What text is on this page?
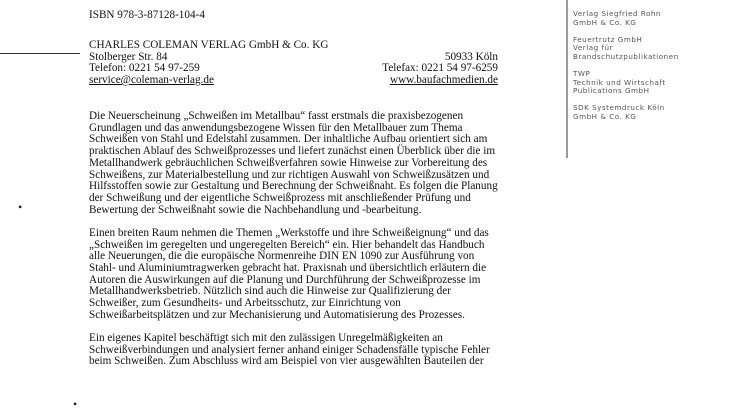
•
•
ISBN 978-3-87128-104-4
CHARLES COLEMAN VERLAG GmbH & Co. KG
Stolberger Str. 84	50933 Köln
Telefon: 0221 54 97-259	Telefax: 0221 54 97-6259
service@coleman-verlag.de	www.baufachmedien.de

Die Neuerscheinung „Schweißen im Metallbau“ fasst erstmals die praxisbezogenen Grundlagen und das anwendungsbezogene Wissen für den Metallbauer zum Thema Schweißen von Stahl und Edelstahl zusammen. Der inhaltliche Aufbau orientiert sich am praktischen Ablauf des Schweißprozesses und liefert zunächst einen Überblick über die im Metallhandwerk gebräuchlichen Schweißverfahren sowie Hinweise zur Vorbereitung des Schweißens, zur Materialbestellung und zur richtigen Auswahl von Schweißzusätzen und Hilfsstoffen sowie zur Gestaltung und Berechnung der Schweißnaht. Es folgen die Planung der Schweißung und der eigentliche Schweißprozess mit anschließender Prüfung und Bewertung der Schweißnaht sowie die Nachbehandlung und -bearbeitung.

Einen breiten Raum nehmen die Themen „Werkstoffe und ihre Schweißeignung“ und das „Schweißen im geregelten und ungeregelten Bereich“ ein. Hier behandelt das Handbuch alle Neuerungen, die die europäische Normenreihe DIN EN 1090 zur Ausführung von Stahl- und Aluminiumtragwerken gebracht hat. Praxisnah und übersichtlich erläutern die Autoren die Auswirkungen auf die Planung und Durchführung der Schweißprozesse im Metallhandwerksbetrieb. Nützlich sind auch die Hinweise zur Qualifizierung der Schweißer, zum Gesundheits- und Arbeitsschutz, zur Einrichtung von Schweißarbeitsplätzen und zur Mechanisierung und Automatisierung des Prozesses.

Ein eigenes Kapitel beschäftigt sich mit den zulässigen Unregelmäßigkeiten an Schweißverbindungen und analysiert ferner anhand einiger Schadensfälle typische Fehler beim Schweißen. Zum Abschluss wird am Beispiel von vier ausgewählten Bauteilen der

Verlag Siegfried Rohn
GmbH & Co. KG
Feuertrutz GmbH
Verlag für
Brandschutzpublikationen
TWP
Technik und Wirtschaft
Publications GmbH
SDK Systemdruck Köln
GmbH & Co. KG
